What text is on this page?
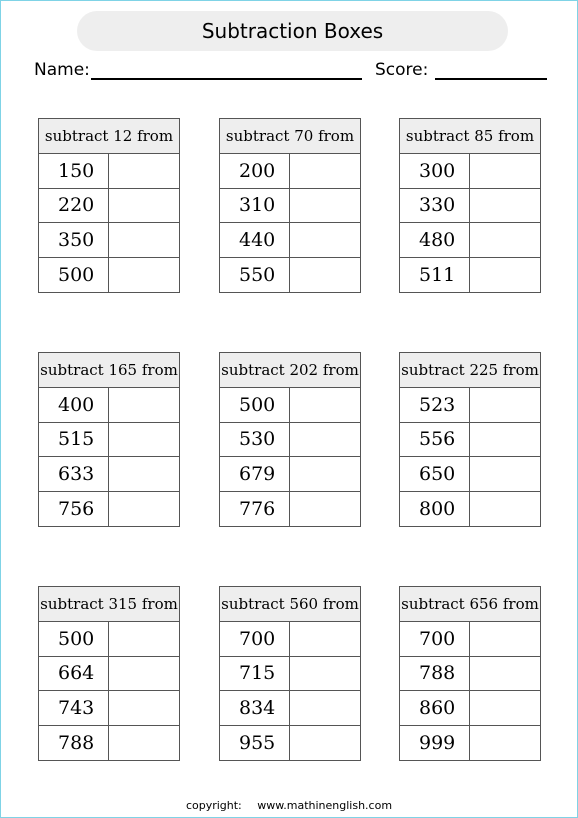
Subtraction Boxes
Name:	Score:
subtract 12 from
150
220
350
500
subtract 70 from
200
310
440
550
subtract 85 from
300
330
480
511
subtract 165 from
400
515
633
756
subtract 202 from
500
530
679
776
subtract 225 from
523
556
650
800
subtract 315 from
500
664
743
788
subtract 560 from
700
715
834
955
subtract 656 from
700
788
860
999
copyright: www.mathinenglish.com
